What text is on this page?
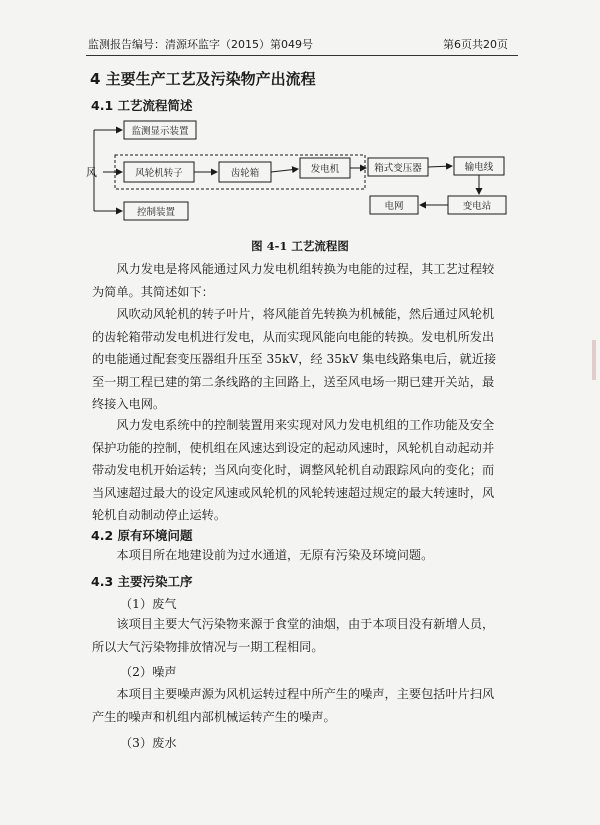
监测报告编号：清源环监字（2015）第049号	第6页共20页
4 主要生产工艺及污染物产出流程
4.1 工艺流程简述
风
监测显示装置
风轮机转子	齿轮箱	发电机	箱式变压器	输电线
控制装置
电网	变电站
图 4-1 工艺流程图
风力发电是将风能通过风力发电机组转换为电能的过程，其工艺过程较为简单。其简述如下：
风吹动风轮机的转子叶片，将风能首先转换为机械能，然后通过风轮机的齿轮箱带动发电机进行发电，从而实现风能向电能的转换。发电机所发出的电能通过配套变压器组升压至 35kV，经 35kV 集电线路集电后，就近接至一期工程已建的第二条线路的主回路上，送至风电场一期已建开关站，最终接入电网。
风力发电系统中的控制装置用来实现对风力发电机组的工作功能及安全保护功能的控制，使机组在风速达到设定的起动风速时，风轮机自动起动并带动发电机开始运转；当风向变化时，调整风轮机自动跟踪风向的变化；而当风速超过最大的设定风速或风轮机的风轮转速超过规定的最大转速时，风轮机自动制动停止运转。
4.2 原有环境问题
本项目所在地建设前为过水通道，无原有污染及环境问题。
4.3 主要污染工序
（1）废气
该项目主要大气污染物来源于食堂的油烟，由于本项目没有新增人员，所以大气污染物排放情况与一期工程相同。
（2）噪声
本项目主要噪声源为风机运转过程中所产生的噪声，主要包括叶片扫风产生的噪声和机组内部机械运转产生的噪声。
（3）废水
